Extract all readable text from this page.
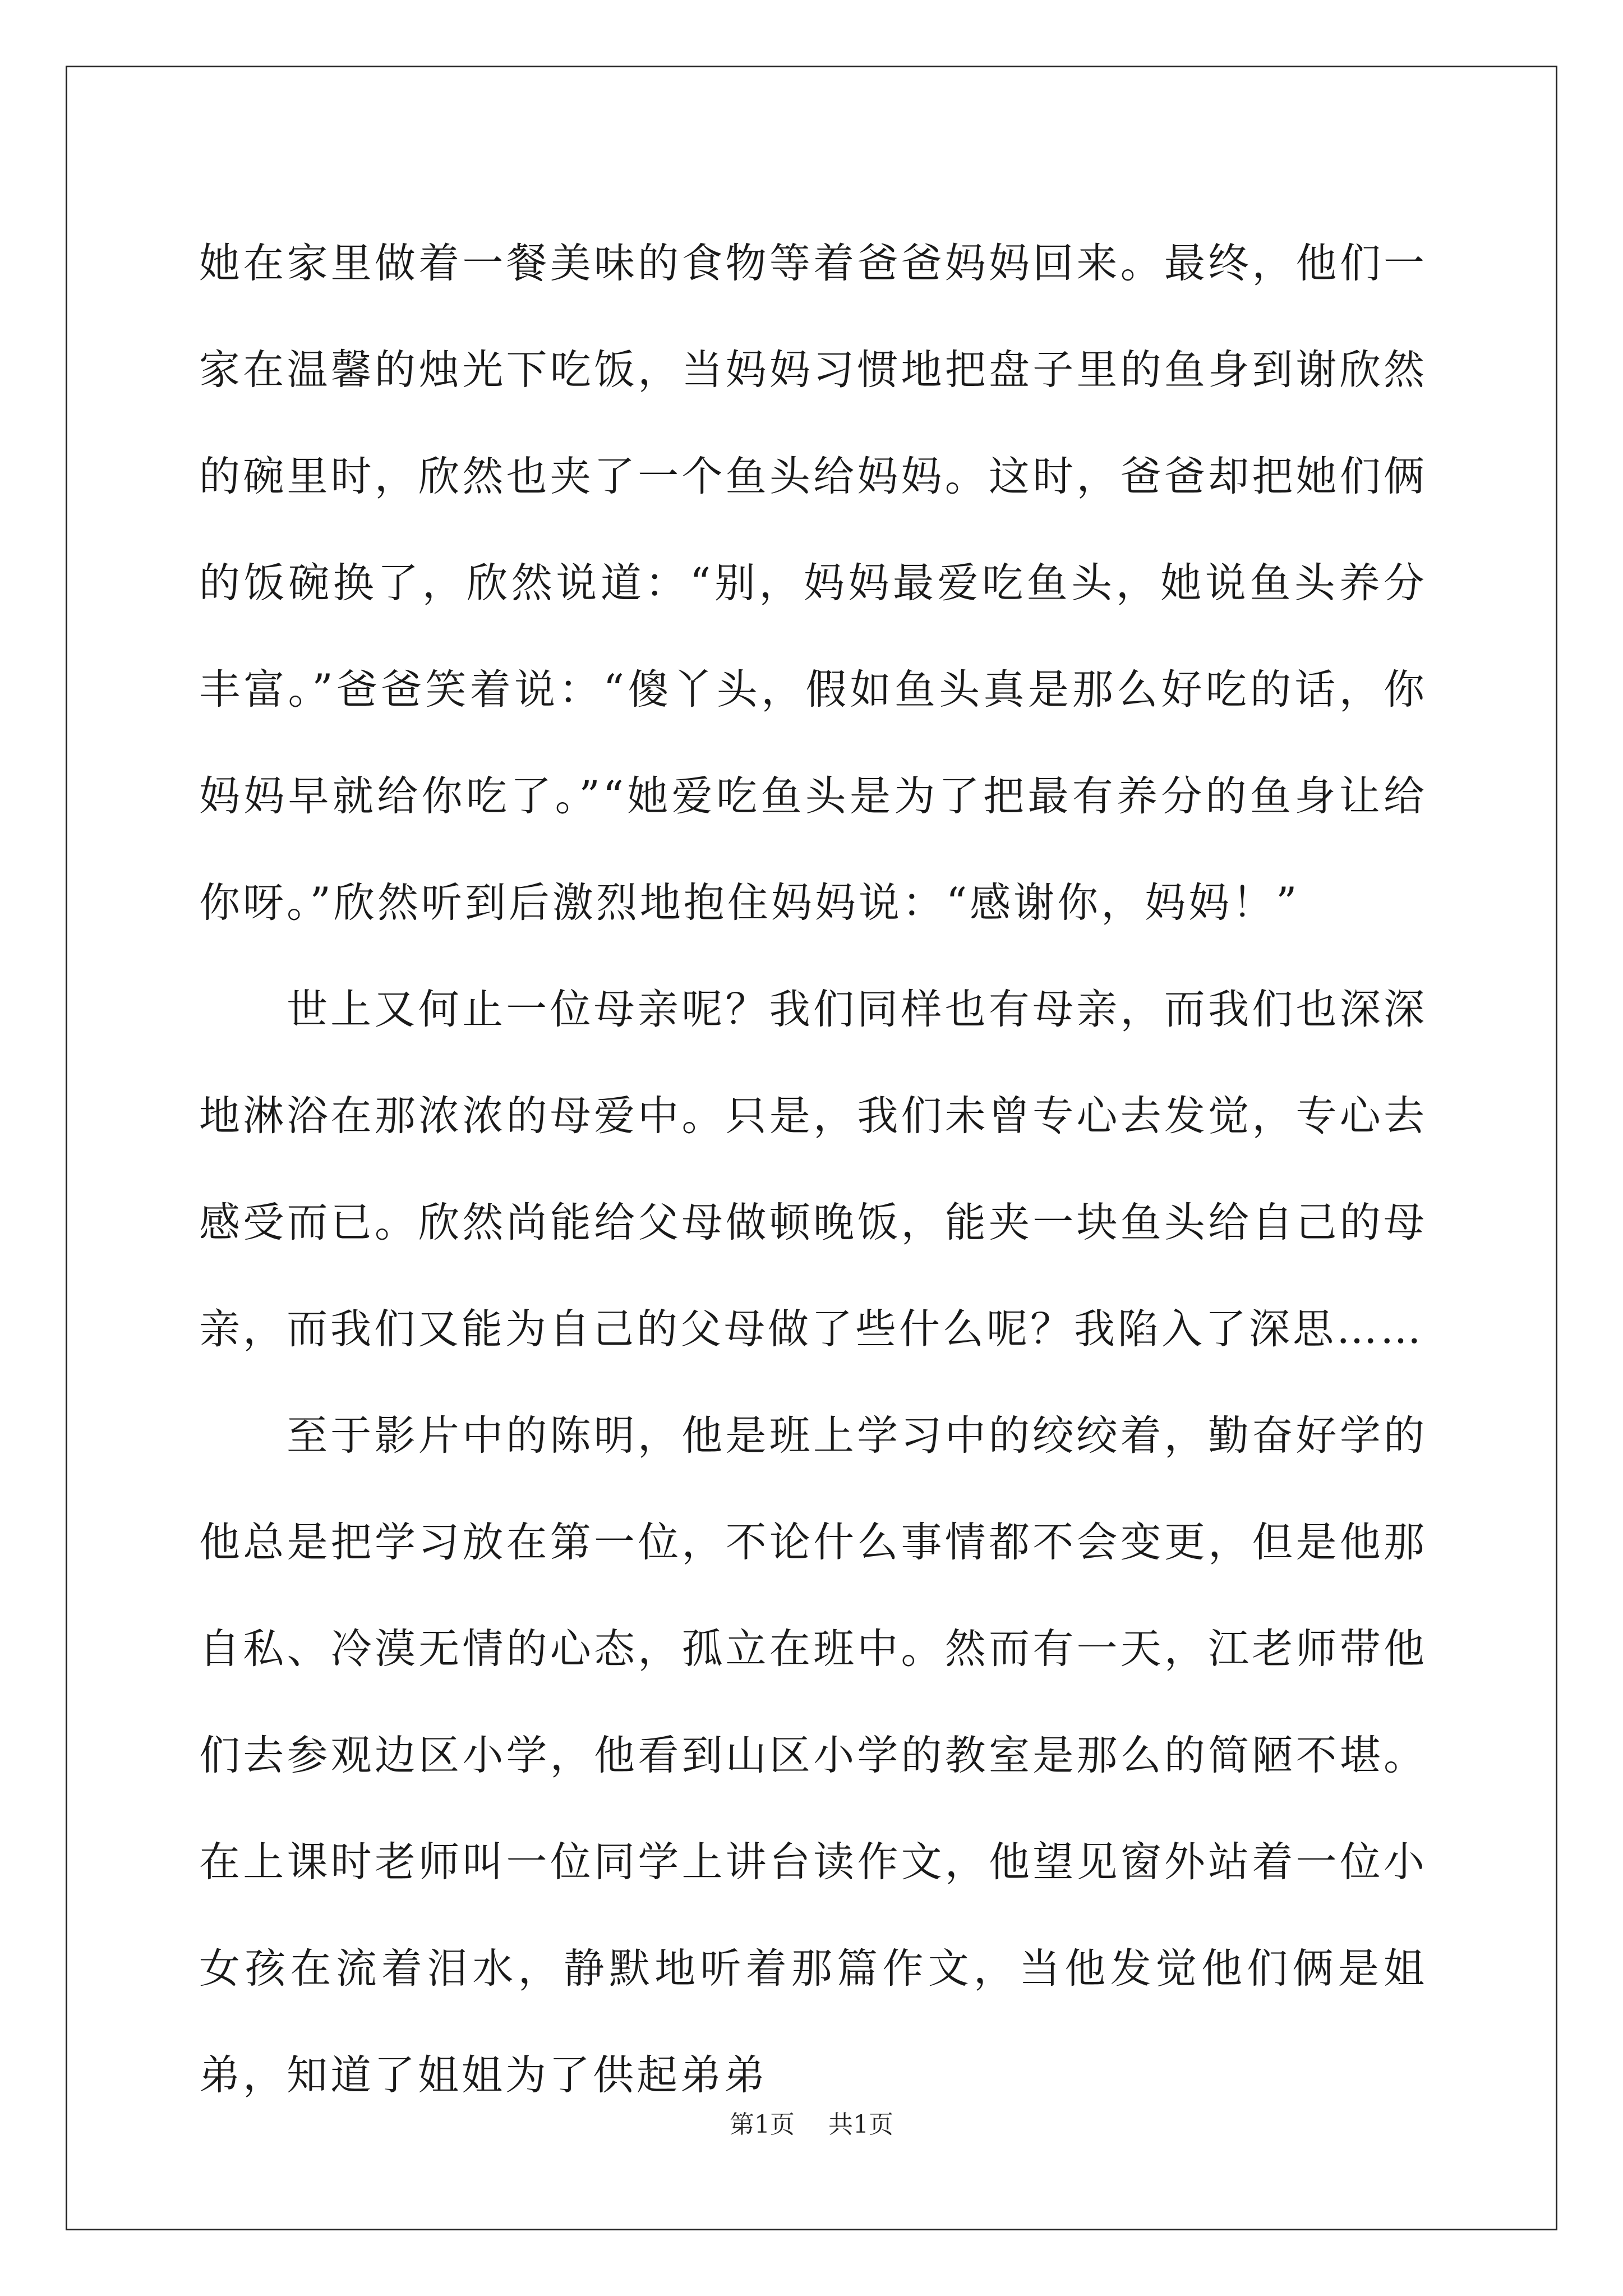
她在家里做着一餐美味的食物等着爸爸妈妈回来。最终，他们一家在温馨的烛光下吃饭，当妈妈习惯地把盘子里的鱼身到谢欣然的碗里时，欣然也夹了一个鱼头给妈妈。这时，爸爸却把她们俩的饭碗换了，欣然说道：“别，妈妈最爱吃鱼头，她说鱼头养分丰富。”爸爸笑着说：“傻丫头，假如鱼头真是那么好吃的话，你妈妈早就给你吃了。”“她爱吃鱼头是为了把最有养分的鱼身让给你呀。”欣然听到后激烈地抱住妈妈说：“感谢你，妈妈！”

世上又何止一位母亲呢？我们同样也有母亲，而我们也深深地淋浴在那浓浓的母爱中。只是，我们未曾专心去发觉，专心去感受而已。欣然尚能给父母做顿晚饭，能夹一块鱼头给自己的母亲，而我们又能为自己的父母做了些什么呢？我陷入了深思……

至于影片中的陈明，他是班上学习中的绞绞着，勤奋好学的他总是把学习放在第一位，不论什么事情都不会变更，但是他那自私、冷漠无情的心态，孤立在班中。然而有一天，江老师带他们去参观边区小学，他看到山区小学的教室是那么的简陋不堪。在上课时老师叫一位同学上讲台读作文，他望见窗外站着一位小女孩在流着泪水，静默地听着那篇作文，当他发觉他们俩是姐弟，知道了姐姐为了供起弟弟

第1页 共1页
